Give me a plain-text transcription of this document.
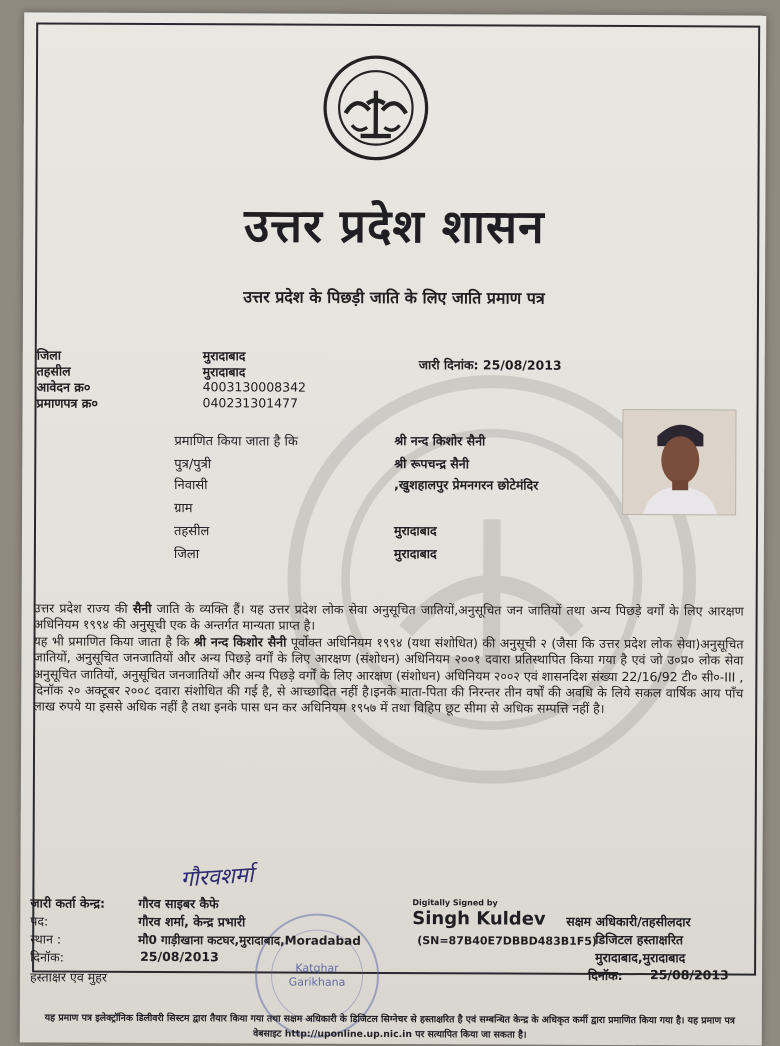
उत्तर प्रदेश शासन
उत्तर प्रदेश के पिछड़ी जाति के लिए जाति प्रमाण पत्र
जिला	मुरादाबाद
तहसील	मुरादाबाद
आवेदन क्र०	4003130008342
प्रमाणपत्र क्र०	040231301477
जारी दिनांक: 25/08/2013
प्रमाणित किया जाता है कि	श्री नन्द किशोर सैनी
पुत्र/पुत्री	श्री रूपचन्द्र सैनी
निवासी	,खुशहालपुर प्रेमनगरन छोटेमंदिर
ग्राम
तहसील	मुरादाबाद
जिला	मुरादाबाद
उत्तर प्रदेश राज्य की सैनी जाति के व्यक्ति हैं। यह उत्तर प्रदेश लोक सेवा अनुसूचित जातियों,अनुसूचित जन जातियों तथा अन्य पिछड़े वर्गों के लिए आरक्षण अधिनियम १९९४ की अनुसूची एक के अन्तर्गत मान्यता प्राप्त है।
यह भी प्रमाणित किया जाता है कि श्री नन्द किशोर सैनी पूर्वोक्त अधिनियम १९९४ (यथा संशोधित) की अनुसूची २ (जैसा कि उत्तर प्रदेश लोक सेवा)अनुसूचित जातियों, अनुसूचित जनजातियों और अन्य पिछड़े वर्गों के लिए आरक्षण (संशोधन) अधिनियम २००१ दवारा प्रतिस्थापित किया गया है एवं जो उ०प्र० लोक सेवा अनुसूचित जातियों, अनुसूचित जनजातियों और अन्य पिछड़े वर्गों के लिए आरक्षण (संशोधन) अधिनियम २००२ एवं शासनदिश संख्या 22/16/92 टी० सी०-III , दिनॉक २० अक्टूबर २००८ दवारा संशोधित की गई है, से आच्छादित नहीं है।इनके माता-पिता की निरन्तर तीन वर्षों की अवधि के लिये सकल वार्षिक आय पाँच लाख रुपये या इससे अधिक नहीं है तथा इनके पास धन कर अधिनियम १९५७ में तथा विहिप छूट सीमा से अधिक सम्पत्ति नहीं है।
गौरवशर्मा
Katghar Garikhana
जारी कर्ता केन्द्र:	गौरव साइबर कैफे
पद:	गौरव शर्मा, केन्द्र प्रभारी
स्थान :	मौ0 गाड़ीखाना कटघर,मुरादाबाद,Moradabad
दिनॉक:	25/08/2013
हस्ताक्षर एंव मुहर
Digitally Signed by
Singh Kuldev
(SN=87B40E7DBBD483B1F5)
सक्षम अधिकारी/तहसीलदार
डिजिटल हस्ताक्षरित
मुरादाबाद,मुरादाबाद
दिनॉक: 25/08/2013
यह प्रमाण पत्र इलेक्ट्रॉनिक डिलीवरी सिस्टम द्वारा तैयार किया गया तथा सक्षम अधिकारी के डिजिटल सिग्नेचर से हस्ताक्षरित है एवं सम्बन्धित केन्द्र के अधिकृत कर्मी द्वारा प्रमाणित किया गया है। यह प्रमाण पत्र वेबसाइट http://uponline.up.nic.in पर सत्यापित किया जा सकता है।
